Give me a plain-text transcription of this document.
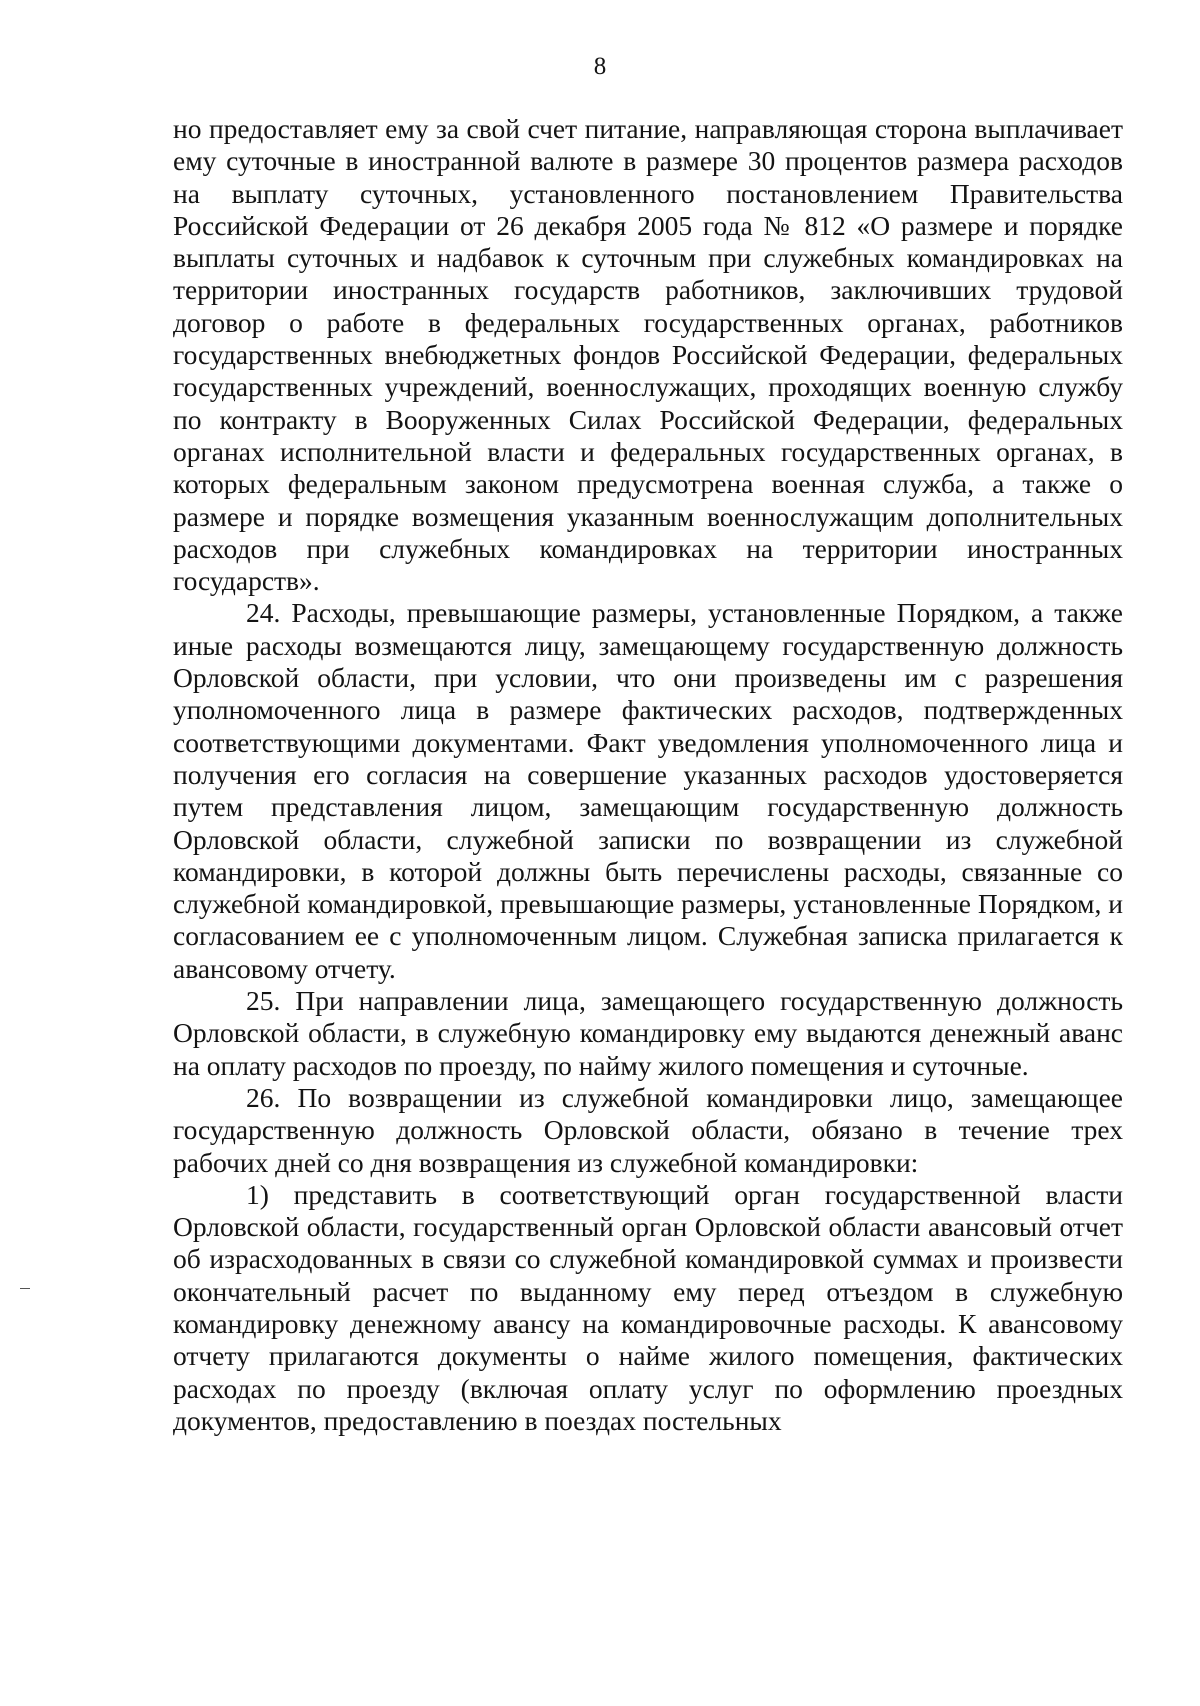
8

но предоставляет ему за свой счет питание, направляющая сторона выплачивает ему суточные в иностранной валюте в размере 30 процентов размера расходов на выплату суточных, установленного постановлением Правительства Российской Федерации от 26 декабря 2005 года № 812 «О размере и порядке выплаты суточных и надбавок к суточным при служебных командировках на территории иностранных государств работников, заключивших трудовой договор о работе в федеральных государственных органах, работников государственных внебюджетных фондов Российской Федерации, федеральных государственных учреждений, военнослужащих, проходящих военную службу по контракту в Вооруженных Силах Российской Федерации, федеральных органах исполнительной власти и федеральных государственных органах, в которых федеральным законом предусмотрена военная служба, а также о размере и порядке возмещения указанным военнослужащим дополнительных расходов при служебных командировках на территории иностранных государств».

24. Расходы, превышающие размеры, установленные Порядком, а также иные расходы возмещаются лицу, замещающему государственную должность Орловской области, при условии, что они произведены им с разрешения уполномоченного лица в размере фактических расходов, подтвержденных соответствующими документами. Факт уведомления уполномоченного лица и получения его согласия на совершение указанных расходов удостоверяется путем представления лицом, замещающим государственную должность Орловской области, служебной записки по возвращении из служебной командировки, в которой должны быть перечислены расходы, связанные со служебной командировкой, превышающие размеры, установленные Порядком, и согласованием ее с уполномоченным лицом. Служебная записка прилагается к авансовому отчету.

25. При направлении лица, замещающего государственную должность Орловской области, в служебную командировку ему выдаются денежный аванс на оплату расходов по проезду, по найму жилого помещения и суточные.

26. По возвращении из служебной командировки лицо, замещающее государственную должность Орловской области, обязано в течение трех рабочих дней со дня возвращения из служебной командировки:

1) представить в соответствующий орган государственной власти Орловской области, государственный орган Орловской области авансовый отчет об израсходованных в связи со служебной командировкой суммах и произвести окончательный расчет по выданному ему перед отъездом в служебную командировку денежному авансу на командировочные расходы. К авансовому отчету прилагаются документы о найме жилого помещения, фактических расходах по проезду (включая оплату услуг по оформлению проездных документов, предоставлению в поездах постельных
